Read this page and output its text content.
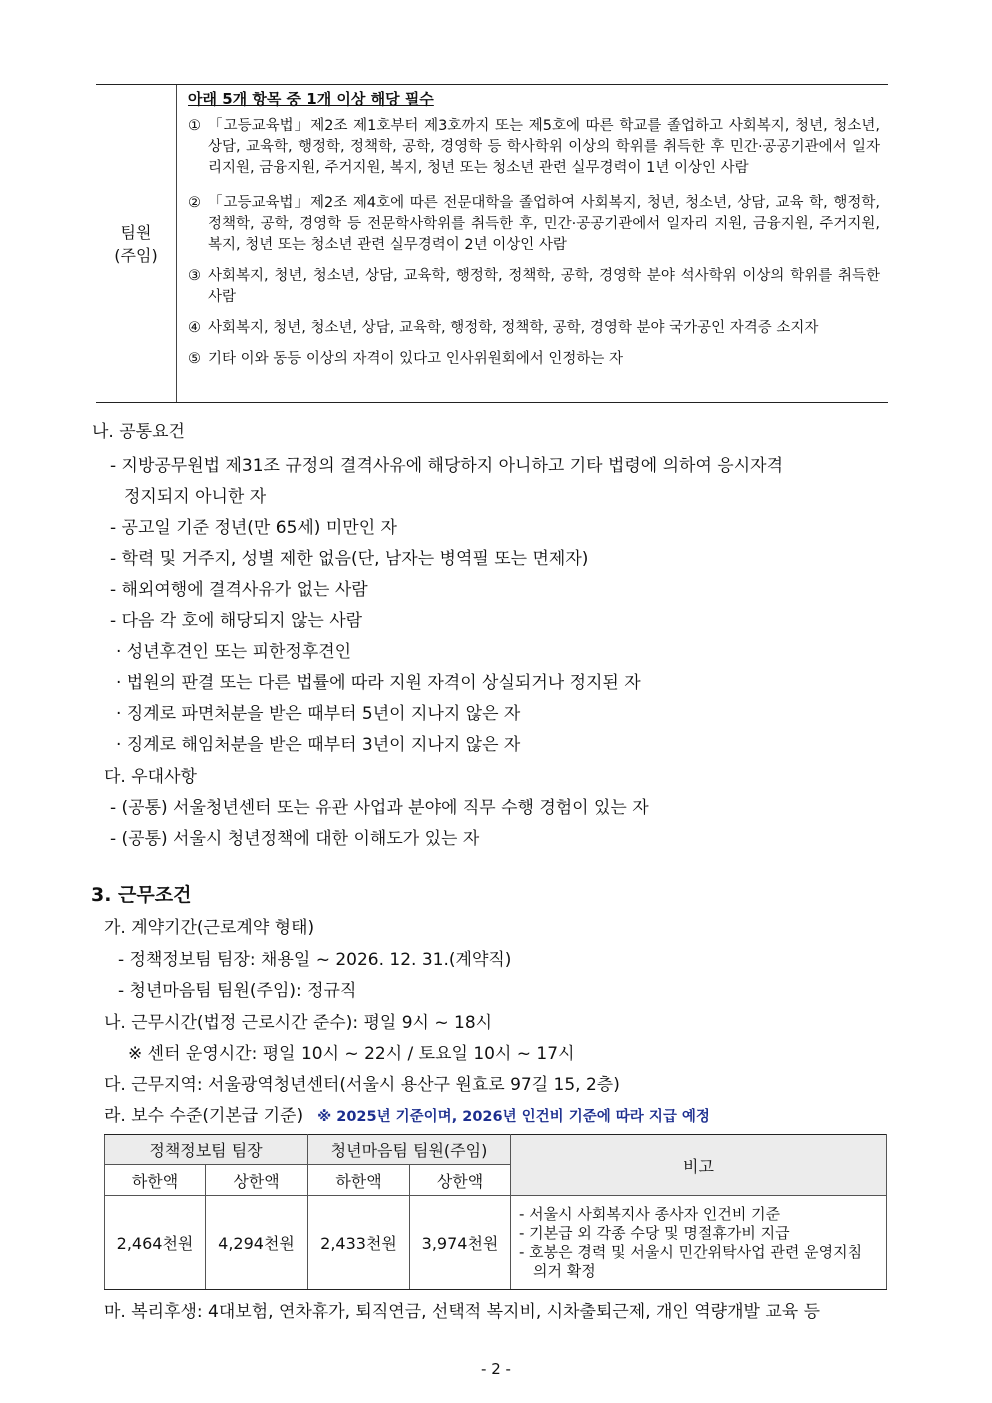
팀원
(주임)
아래 5개 항목 중 1개 이상 해당 필수
① 「고등교육법」제2조 제1호부터 제3호까지 또는 제5호에 따른 학교를 졸업하고 사회복지, 청년, 청소년, 상담, 교육학, 행정학, 정책학, 공학, 경영학 등 학사학위 이상의 학위를 취득한 후 민간·공공기관에서 일자리지원, 금융지원, 주거지원, 복지, 청년 또는 청소년 관련 실무경력이 1년 이상인 사람
② 「고등교육법」제2조 제4호에 따른 전문대학을 졸업하여 사회복지, 청년, 청소년, 상담, 교육 학, 행정학, 정책학, 공학, 경영학 등 전문학사학위를 취득한 후, 민간·공공기관에서 일자리 지원, 금융지원, 주거지원, 복지, 청년 또는 청소년 관련 실무경력이 2년 이상인 사람
③ 사회복지, 청년, 청소년, 상담, 교육학, 행정학, 정책학, 공학, 경영학 분야 석사학위 이상의 학위를 취득한 사람
④ 사회복지, 청년, 청소년, 상담, 교육학, 행정학, 정책학, 공학, 경영학 분야 국가공인 자격증 소지자
⑤ 기타 이와 동등 이상의 자격이 있다고 인사위원회에서 인정하는 자
나. 공통요건
- 지방공무원법 제31조 규정의 결격사유에 해당하지 아니하고 기타 법령에 의하여 응시자격
정지되지 아니한 자
- 공고일 기준 정년(만 65세) 미만인 자
- 학력 및 거주지, 성별 제한 없음(단, 남자는 병역필 또는 면제자)
- 해외여행에 결격사유가 없는 사람
- 다음 각 호에 해당되지 않는 사람
· 성년후견인 또는 피한정후견인
· 법원의 판결 또는 다른 법률에 따라 지원 자격이 상실되거나 정지된 자
· 징계로 파면처분을 받은 때부터 5년이 지나지 않은 자
· 징계로 해임처분을 받은 때부터 3년이 지나지 않은 자
다. 우대사항
- (공통) 서울청년센터 또는 유관 사업과 분야에 직무 수행 경험이 있는 자
- (공통) 서울시 청년정책에 대한 이해도가 있는 자
3. 근무조건
가. 계약기간(근로계약 형태)
- 정책정보팀 팀장: 채용일 ~ 2026. 12. 31.(계약직)
- 청년마음팀 팀원(주임): 정규직
나. 근무시간(법정 근로시간 준수): 평일 9시 ~ 18시
※ 센터 운영시간: 평일 10시 ~ 22시 / 토요일 10시 ~ 17시
다. 근무지역: 서울광역청년센터(서울시 용산구 원효로 97길 15, 2층)
라. 보수 수준(기본급 기준) ※ 2025년 기준이며, 2026년 인건비 기준에 따라 지급 예정
정책정보팀 팀장		청년마음팀 팀원(주임)		비고
하한액	상한액	하한액	상한액	
2,464천원	4,294천원	2,433천원	3,974천원	- 서울시 사회복지사 종사자 인건비 기준
- 기본급 외 각종 수당 및 명절휴가비 지급
- 호봉은 경력 및 서울시 민간위탁사업 관련 운영지침 의거 확정
마. 복리후생: 4대보험, 연차휴가, 퇴직연금, 선택적 복지비, 시차출퇴근제, 개인 역량개발 교육 등
- 2 -
